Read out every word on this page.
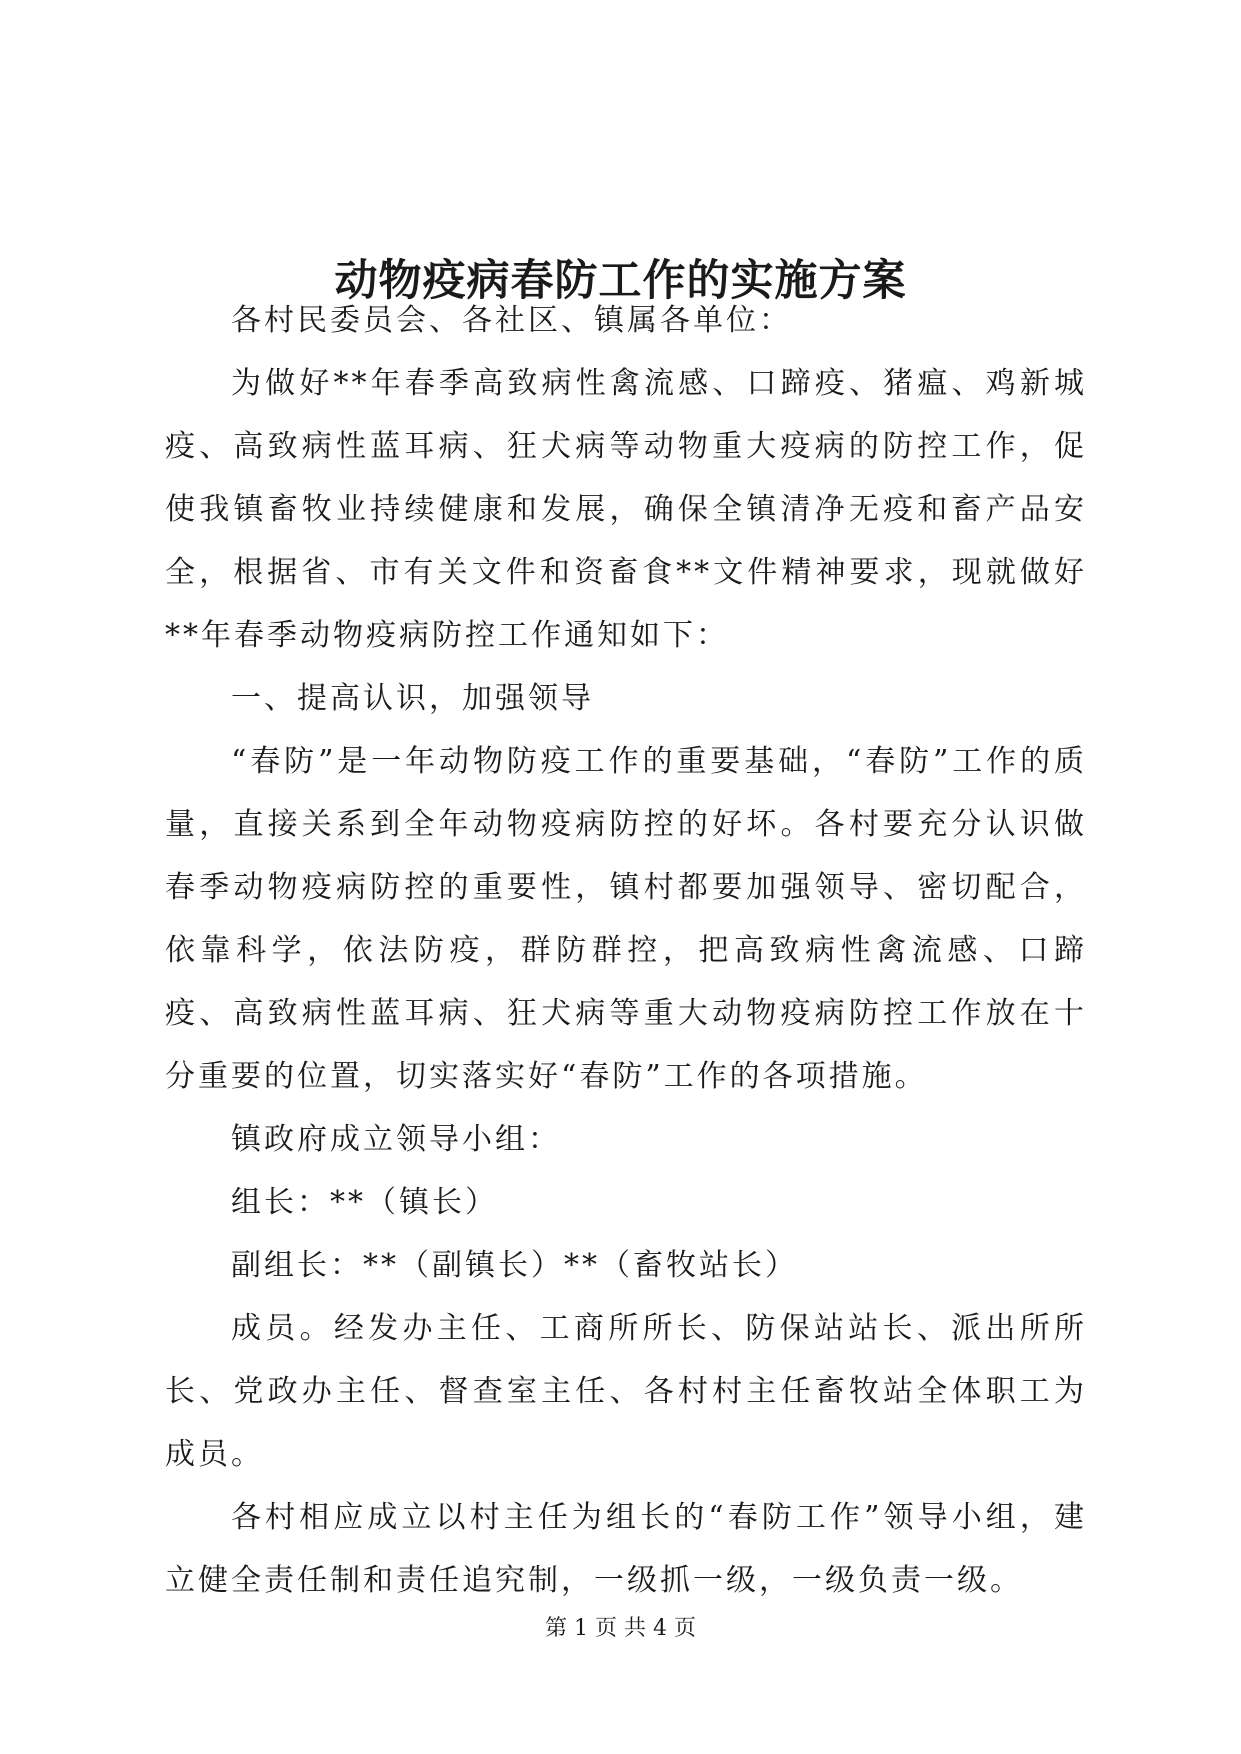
动物疫病春防工作的实施方案

各村民委员会、各社区、镇属各单位：

为做好**年春季高致病性禽流感、口蹄疫、猪瘟、鸡新城疫、高致病性蓝耳病、狂犬病等动物重大疫病的防控工作，促使我镇畜牧业持续健康和发展，确保全镇清净无疫和畜产品安全，根据省、市有关文件和资畜食**文件精神要求，现就做好**年春季动物疫病防控工作通知如下：

一、提高认识，加强领导

“春防”是一年动物防疫工作的重要基础，“春防”工作的质量，直接关系到全年动物疫病防控的好坏。各村要充分认识做春季动物疫病防控的重要性，镇村都要加强领导、密切配合，依靠科学，依法防疫，群防群控，把高致病性禽流感、口蹄疫、高致病性蓝耳病、狂犬病等重大动物疫病防控工作放在十分重要的位置，切实落实好“春防”工作的各项措施。

镇政府成立领导小组：

组长：**（镇长）

副组长：**（副镇长）**（畜牧站长）

成员。经发办主任、工商所所长、防保站站长、派出所所长、党政办主任、督查室主任、各村村主任畜牧站全体职工为成员。

各村相应成立以村主任为组长的“春防工作”领导小组，建立健全责任制和责任追究制，一级抓一级，一级负责一级。

第 1 页 共 4 页
